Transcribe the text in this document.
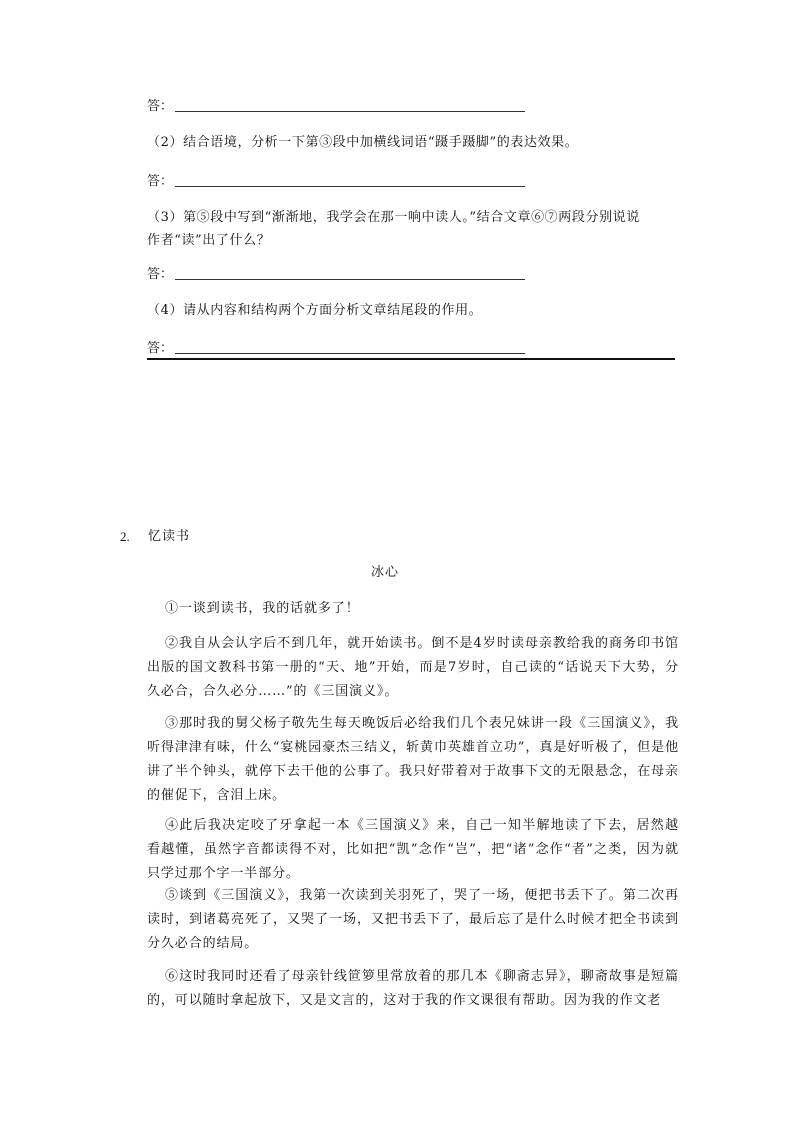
答：
（2）结合语境，分析一下第③段中加横线词语“蹑手蹑脚”的表达效果。
答：
（3）第⑤段中写到“渐渐地，我学会在那一响中读人。”结合文章⑥⑦两段分别说说
作者“读”出了什么？
答：
（4）请从内容和结构两个方面分析文章结尾段的作用。
答：
2. 忆读书
冰心
①一谈到读书，我的话就多了！
②我自从会认字后不到几年，就开始读书。倒不是4岁时读母亲教给我的商务印书馆出版的国文教科书第一册的“天、地”开始，而是7岁时，自己读的“话说天下大势，分久必合，合久必分……”的《三国演义》。
③那时我的舅父杨子敬先生每天晚饭后必给我们几个表兄妹讲一段《三国演义》，我听得津津有味，什么“宴桃园豪杰三结义，斩黄巾英雄首立功”，真是好听极了，但是他讲了半个钟头，就停下去干他的公事了。我只好带着对于故事下文的无限悬念，在母亲的催促下，含泪上床。
④此后我决定咬了牙拿起一本《三国演义》来，自己一知半解地读了下去，居然越看越懂，虽然字音都读得不对，比如把“凯”念作“岂”，把“诸”念作“者”之类，因为就只学过那个字一半部分。
⑤谈到《三国演义》，我第一次读到关羽死了，哭了一场，便把书丢下了。第二次再读时，到诸葛亮死了，又哭了一场，又把书丢下了，最后忘了是什么时候才把全书读到分久必合的结局。
⑥这时我同时还看了母亲针线笸箩里常放着的那几本《聊斋志异》，聊斋故事是短篇的，可以随时拿起放下，又是文言的，这对于我的作文课很有帮助。因为我的作文老
